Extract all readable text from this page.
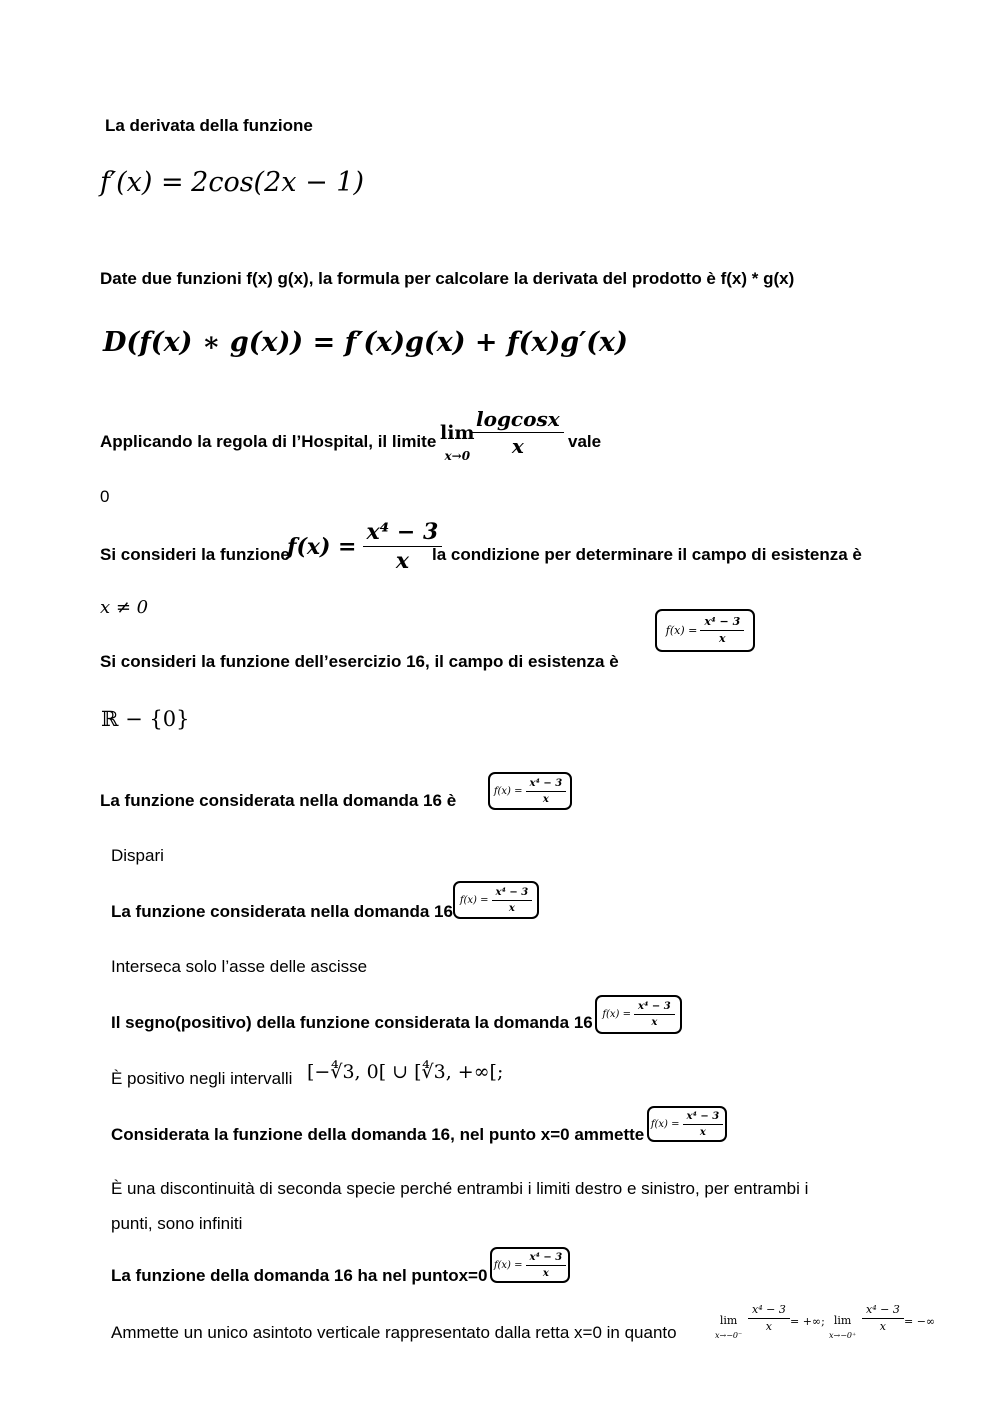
La derivata della funzione
f′(x) = 2cos(2x − 1)
Date due funzioni f(x) g(x), la formula per calcolare la derivata del prodotto è f(x) * g(x)
D(f(x) ∗ g(x)) = f′(x)g(x) + f(x)g′(x)
Applicando la regola di l’Hospital, il limite lim
$x\to 0 \frac{\text{logcosx}}{x}$ vale
0
Si consideri la funzione
$f(x) = \frac{\text{x⁴ − 3}}{x}$
la condizione per determinare il campo di esistenza è
x ≠ 0
Si consideri la funzione dell’esercizio 16, il campo di esistenza è
$f(x) = \frac{\text{x⁴ − 3}}{x}$
ℝ − {0}
La funzione considerata nella domanda 16 è	$f(x) = \frac{\text{x⁴ − 3}}{x}$
Dispari
La funzione considerata nella domanda 16
$f(x) = \frac{\text{x⁴ − 3}}{x}$
Interseca solo l’asse delle ascisse
Il segno(positivo) della funzione considerata la domanda 16 $f(x) = \frac{\text{x⁴ − 3}}{x}$
È positivo negli intervalli [−∜3, 0[ ∪ [∜3, +∞[;
Considerata la funzione della domanda 16, nel punto x=0 ammette
$f(x) = \frac{\text{x⁴ − 3}}{x}$
È una discontinuità di seconda specie perché entrambi i limiti destro e sinistro, per entrambi i
punti, sono infiniti
La funzione della domanda 16 ha nel puntox=0
$f(x) = \frac{\text{x⁴ − 3}}{x}$
Ammette un unico asintoto verticale rappresentato dalla retta x=0 in quanto
lim
x→−0⁻
$\frac{\text{x⁴ − 3}}{x}$ = +∞; lim
x→−0⁺
$\frac{\text{x⁴ − 3}}{x}$ = −∞
